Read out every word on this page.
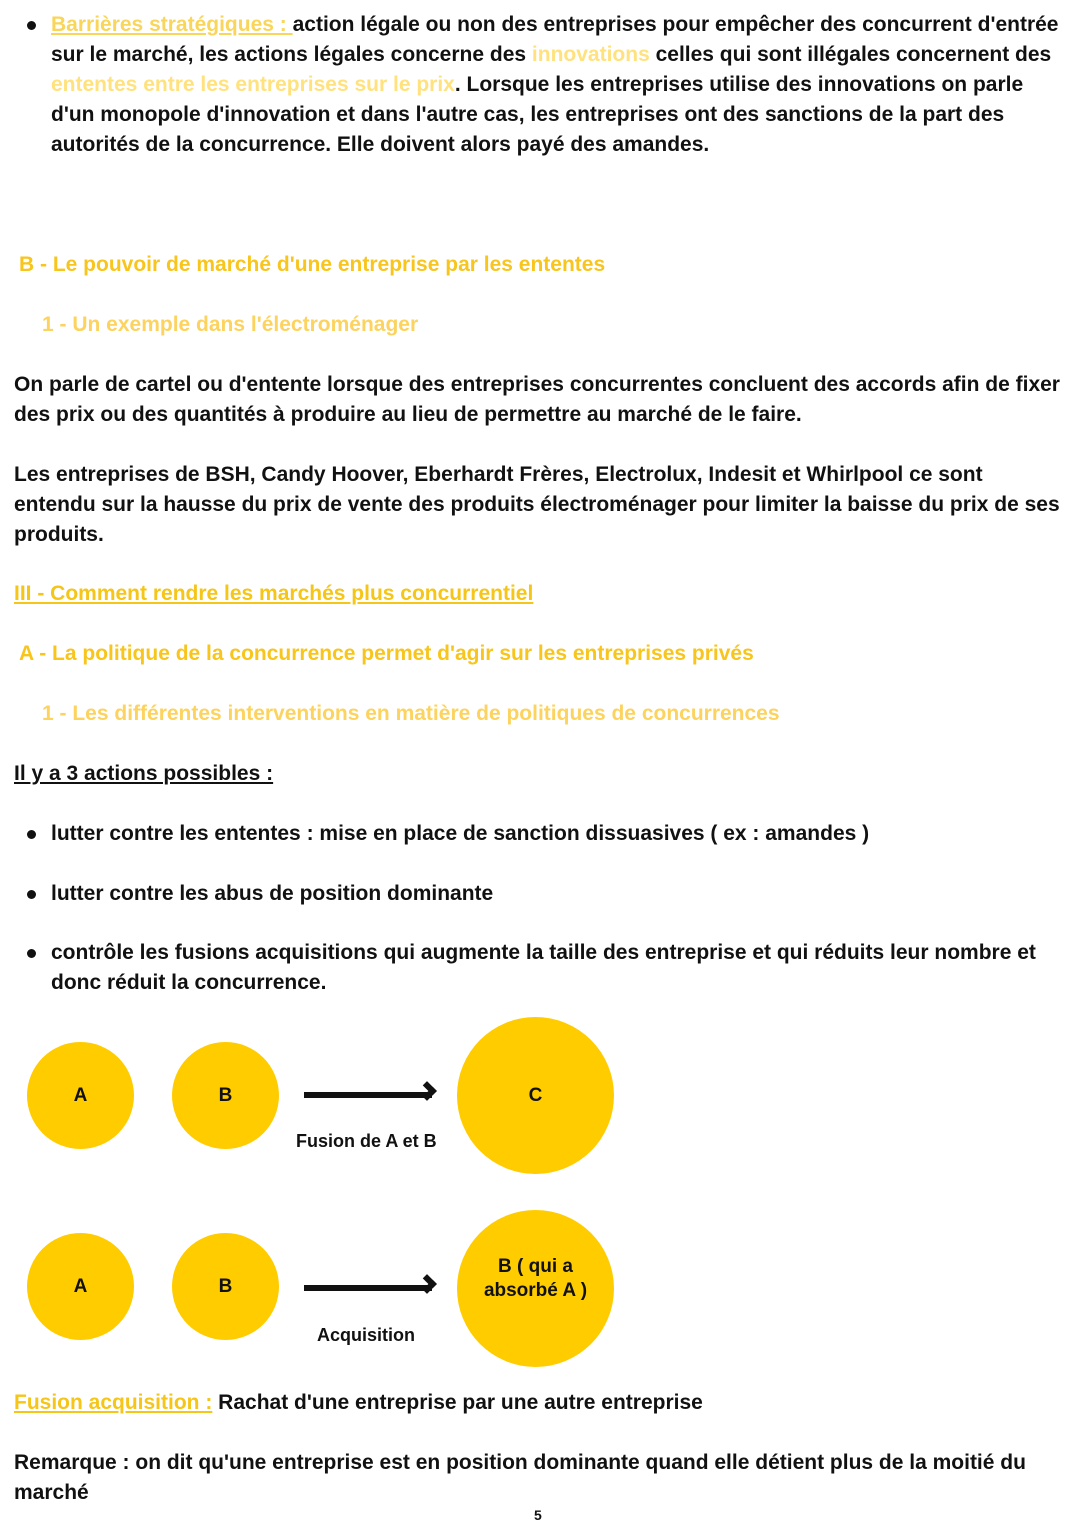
Barrières stratégiques : action légale ou non des entreprises pour empêcher des concurrent d'entrée sur le marché, les actions légales concerne des innovations celles qui sont illégales concernent des ententes entre les entreprises sur le prix. Lorsque les entreprises utilise des innovations on parle d'un monopole d'innovation et dans l'autre cas, les entreprises ont des sanctions de la part des autorités de la concurrence. Elle doivent alors payé des amandes.
B - Le pouvoir de marché d'une entreprise par les ententes
1 - Un exemple dans l'électroménager
On parle de cartel ou d'entente lorsque des entreprises concurrentes concluent des accords afin de fixer des prix ou des quantités à produire au lieu de permettre au marché de le faire.
Les entreprises de BSH, Candy Hoover, Eberhardt Frères, Electrolux, Indesit et Whirlpool ce sont entendu sur la hausse du prix de vente des produits électroménager pour limiter la baisse du prix de ses produits.
III - Comment rendre les marchés plus concurrentiel
A - La politique de la concurrence permet d'agir sur les entreprises privés
1 - Les différentes interventions en matière de politiques de concurrences
Il y a 3 actions possibles :
lutter contre les ententes : mise en place de sanction dissuasives ( ex : amandes )
lutter contre les abus de position dominante
contrôle les fusions acquisitions qui augmente la taille des entreprise et qui réduits leur nombre et donc réduit la concurrence.
A	B
Fusion de A et B
C
A	B
Acquisition
B ( qui a absorbé A )
Fusion acquisition : Rachat d'une entreprise par une autre entreprise
Remarque : on dit qu'une entreprise est en position dominante quand elle détient plus de la moitié du marché
5
